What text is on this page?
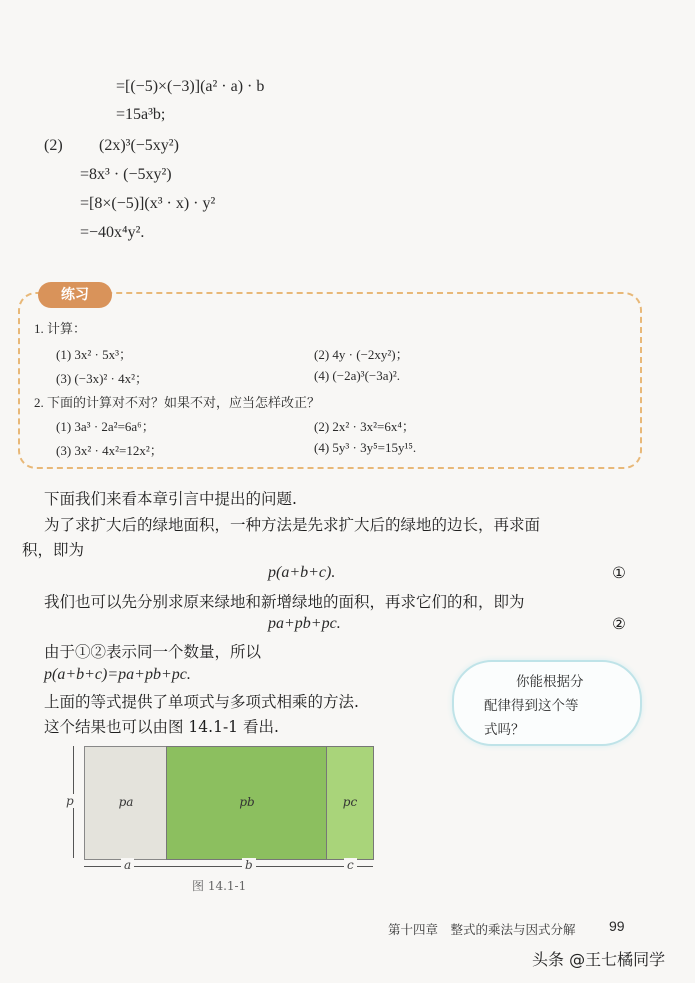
=[(−5)×(−3)](a² · a) · b
=15a³b;
(2) (2x)³(−5xy²)
=8x³ · (−5xy²)
=[8×(−5)](x³ · x) · y²
=−40x⁴y².
练习
1. 计算：
(1) 3x² · 5x³；	(2) 4y · (−2xy²)；
(3) (−3x)² · 4x²；	(4) (−2a)³(−3a)².
2. 下面的计算对不对？如果不对，应当怎样改正？
(1) 3a³ · 2a²=6a⁶；	(2) 2x² · 3x²=6x⁴；
(3) 3x² · 4x²=12x²；	(4) 5y³ · 3y⁵=15y¹⁵.
下面我们来看本章引言中提出的问题.
为了求扩大后的绿地面积，一种方法是先求扩大后的绿地的边长，再求面
积，即为
p(a+b+c).	①
我们也可以先分别求原来绿地和新增绿地的面积，再求它们的和，即为
pa+pb+pc.	②
由于①②表示同一个数量，所以
p(a+b+c)=pa+pb+pc.
上面的等式提供了单项式与多项式相乘的方法.
这个结果也可以由图 14.1-1 看出.
你能根据分
配律得到这个等
式吗？
pa	pb	pc
p
a	b	c
图 14.1-1
第十四章　整式的乘法与因式分解 99
头条 @王七橘同学
